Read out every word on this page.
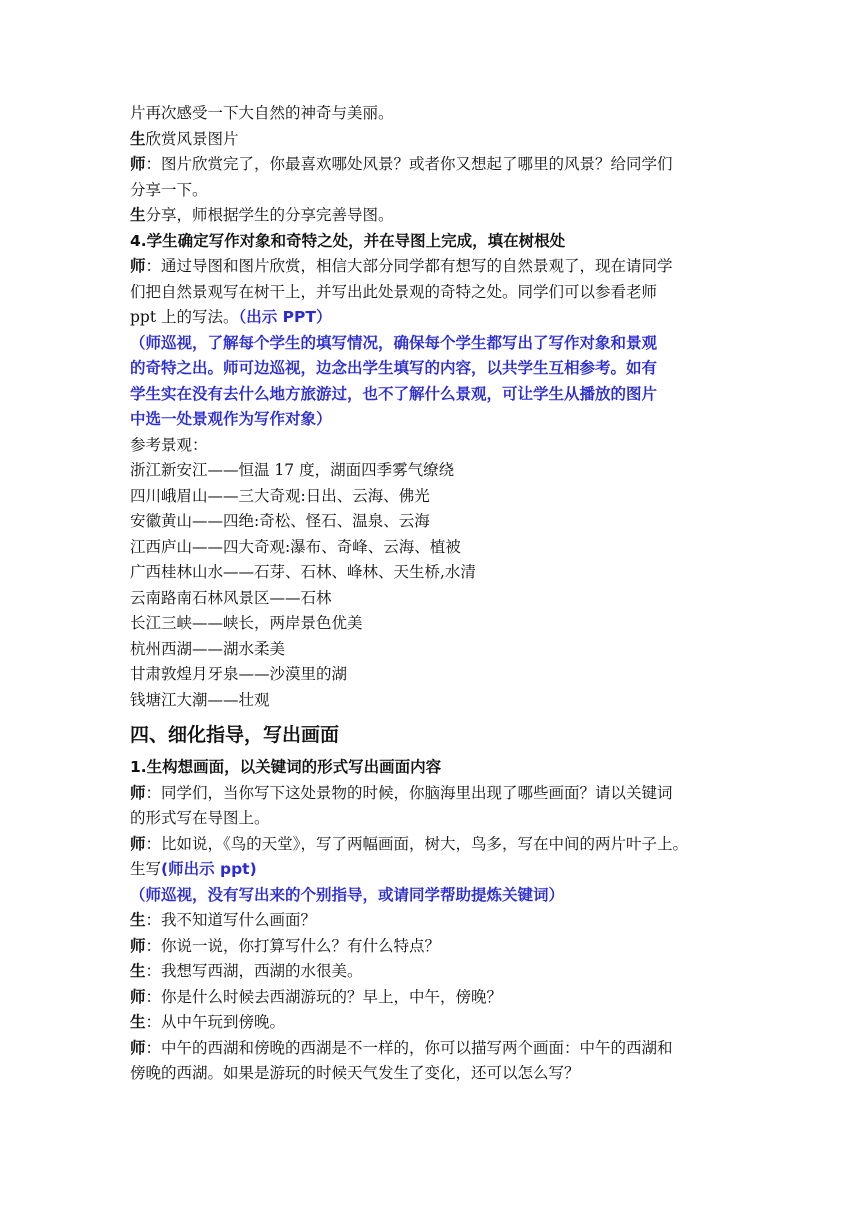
片再次感受一下大自然的神奇与美丽。
生欣赏风景图片
师：图片欣赏完了，你最喜欢哪处风景？或者你又想起了哪里的风景？给同学们
分享一下。
生分享，师根据学生的分享完善导图。
4.学生确定写作对象和奇特之处，并在导图上完成，填在树根处
师：通过导图和图片欣赏，相信大部分同学都有想写的自然景观了，现在请同学
们把自然景观写在树干上，并写出此处景观的奇特之处。同学们可以参看老师
ppt 上的写法。（出示 PPT）
（师巡视，了解每个学生的填写情况，确保每个学生都写出了写作对象和景观
的奇特之出。师可边巡视，边念出学生填写的内容，以共学生互相参考。如有
学生实在没有去什么地方旅游过，也不了解什么景观，可让学生从播放的图片
中选一处景观作为写作对象）
参考景观：
浙江新安江——恒温 17 度，湖面四季雾气缭绕
四川峨眉山——三大奇观:日出、云海、佛光
安徽黄山——四绝:奇松、怪石、温泉、云海
江西庐山——四大奇观:瀑布、奇峰、云海、植被
广西桂林山水——石芽、石林、峰林、天生桥,水清
云南路南石林风景区——石林
长江三峡——峡长，两岸景色优美
杭州西湖——湖水柔美
甘肃敦煌月牙泉——沙漠里的湖
钱塘江大潮——壮观
四、细化指导，写出画面
1.生构想画面，以关键词的形式写出画面内容
师：同学们，当你写下这处景物的时候，你脑海里出现了哪些画面？请以关键词
的形式写在导图上。
师：比如说，《鸟的天堂》，写了两幅画面，树大，鸟多，写在中间的两片叶子上。
生写(师出示 ppt)
（师巡视，没有写出来的个别指导，或请同学帮助提炼关键词）
生：我不知道写什么画面？
师：你说一说，你打算写什么？有什么特点？
生：我想写西湖，西湖的水很美。
师：你是什么时候去西湖游玩的？早上，中午，傍晚？
生：从中午玩到傍晚。
师：中午的西湖和傍晚的西湖是不一样的，你可以描写两个画面：中午的西湖和
傍晚的西湖。如果是游玩的时候天气发生了变化，还可以怎么写？
